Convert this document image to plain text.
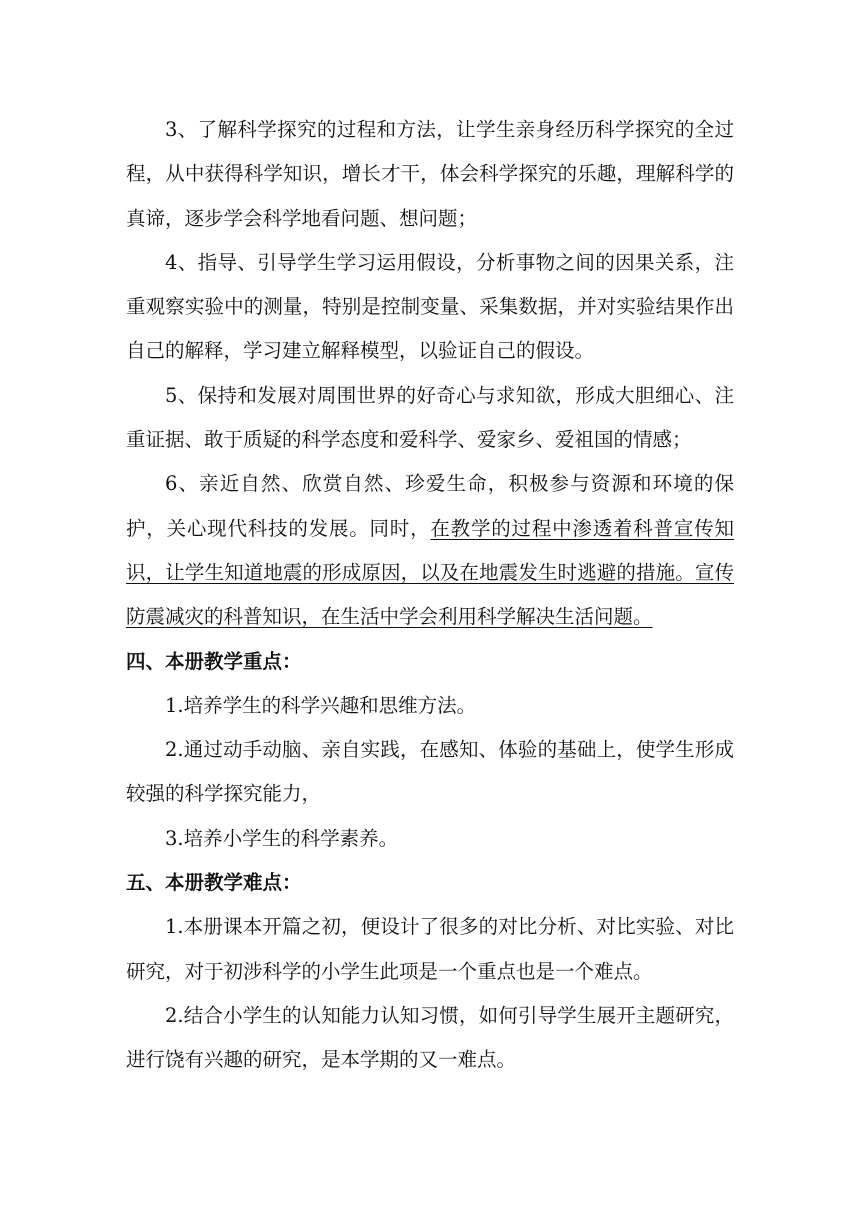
3、了解科学探究的过程和方法，让学生亲身经历科学探究的全过程，从中获得科学知识，增长才干，体会科学探究的乐趣，理解科学的真谛，逐步学会科学地看问题、想问题；

4、指导、引导学生学习运用假设，分析事物之间的因果关系，注重观察实验中的测量，特别是控制变量、采集数据，并对实验结果作出自己的解释，学习建立解释模型，以验证自己的假设。

5、保持和发展对周围世界的好奇心与求知欲，形成大胆细心、注重证据、敢于质疑的科学态度和爱科学、爱家乡、爱祖国的情感；

6、亲近自然、欣赏自然、珍爱生命，积极参与资源和环境的保护，关心现代科技的发展。同时，在教学的过程中渗透着科普宣传知识，让学生知道地震的形成原因，以及在地震发生时逃避的措施。宣传防震减灾的科普知识，在生活中学会利用科学解决生活问题。

四、本册教学重点：

1.培养学生的科学兴趣和思维方法。

2.通过动手动脑、亲自实践，在感知、体验的基础上，使学生形成较强的科学探究能力，

3.培养小学生的科学素养。

五、本册教学难点：

1.本册课本开篇之初，便设计了很多的对比分析、对比实验、对比研究，对于初涉科学的小学生此项是一个重点也是一个难点。

2.结合小学生的认知能力认知习惯，如何引导学生展开主题研究，进行饶有兴趣的研究，是本学期的又一难点。
